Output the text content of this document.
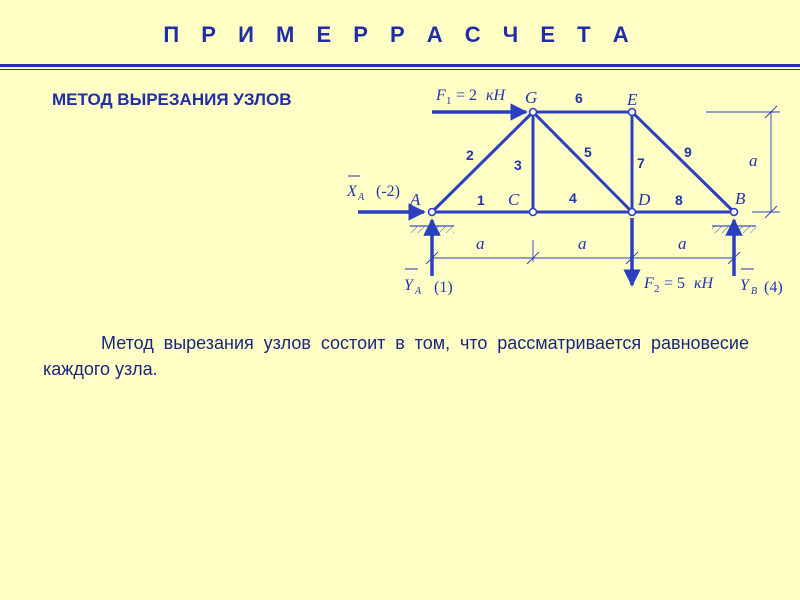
П Р И М Е Р Р А С Ч Е Т А
МЕТОД ВЫРЕЗАНИЯ УЗЛОВ
1
2
3
4
5
6
7
8
9
A	C	D	B
G	E
a	a	a
a
F 1 = 2 кН
X A (-2)
Y A (1)	F 2 = 5 кН Y B (4)
Метод вырезания узлов состоит в том, что рассматривается равновесие каждого узла.
